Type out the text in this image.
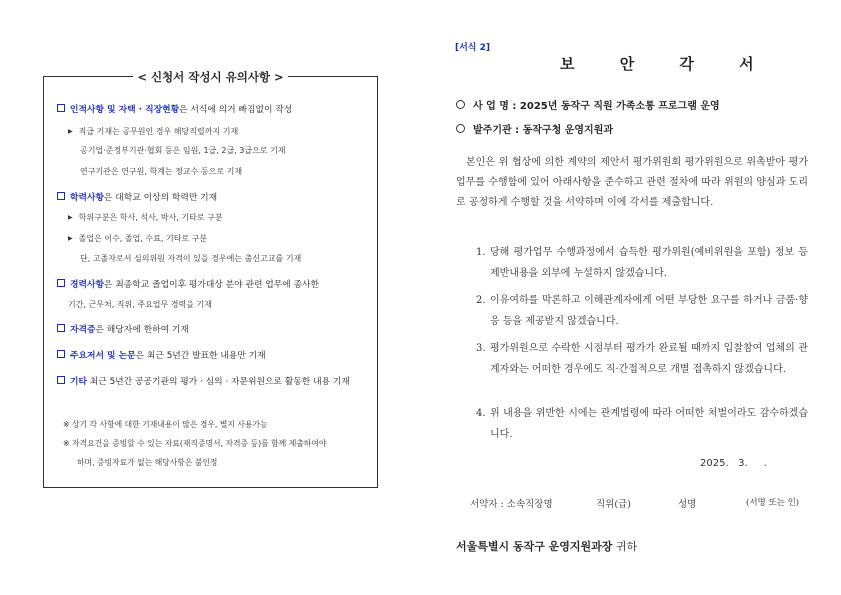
< 신청서 작성시 유의사항 >
인적사항 및 자택 · 직장현황은 서식에 의거 빠짐없이 작성
▶ 직급 기재는 공무원인 경우 해당직렬까지 기재
공기업·준정부기관·협회 등은 임원, 1급, 2급, 3급으로 기재
연구기관은 연구원, 학계는 정교수 등으로 기재
학력사항은 대학교 이상의 학력만 기재
▶ 학위구분은 학사, 석사, 박사, 기타로 구분
▶ 졸업은 이수, 졸업, 수료, 기타로 구분
단, 고졸자로서 심의위원 자격이 있을 경우에는 출신고교를 기재
경력사항은 최종학교 졸업이후 평가대상 분야 관련 업무에 종사한
기간, 근무처, 직위, 주요업무 경력을 기재
자격증은 해당자에 한하여 기재
주요저서 및 논문은 최근 5년간 발표한 내용만 기재
기타 최근 5년간 공공기관의 평가 · 심의 · 자문위원으로 활동한 내용 기재
※ 상기 각 사항에 대한 기재내용이 많은 경우, 별지 사용가능
※ 자격요건을 증빙할 수 있는 자료(재직증명서, 자격증 등)를 함께 제출하여야
하며, 증빙자료가 없는 해당사항은 불인정
[서식 2]
보 안 각 서
사 업 명 : 2025년 동작구 직원 가족소통 프로그램 운영
발주기관 : 동작구청 운영지원과
본인은 위 협상에 의한 계약의 제안서 평가위원회 평가위원으로 위촉받아 평가업무를 수행함에 있어 아래사항을 준수하고 관련 절차에 따라 위원의 양심과 도리로 공정하게 수행할 것을 서약하며 이에 각서를 제출합니다.
1. 당해 평가업무 수행과정에서 습득한 평가위원(예비위원을 포함) 정보 등 제반내용을 외부에 누설하지 않겠습니다.
2. 이유여하를 막론하고 이해관계자에게 어떤 부당한 요구를 하거나 금품·향응 등을 제공받지 않겠습니다.
3. 평가위원으로 수락한 시점부터 평가가 완료될 때까지 입찰참여 업체의 관계자와는 어떠한 경우에도 직·간접적으로 개별 접촉하지 않겠습니다.
4. 위 내용을 위반한 시에는 관계법령에 따라 어떠한 처벌이라도 감수하겠습니다.
2025.   3.     .
서약자 : 소속직장명	직위(급)	성명	(서명 또는 인)
서울특별시 동작구 운영지원과장 귀하
